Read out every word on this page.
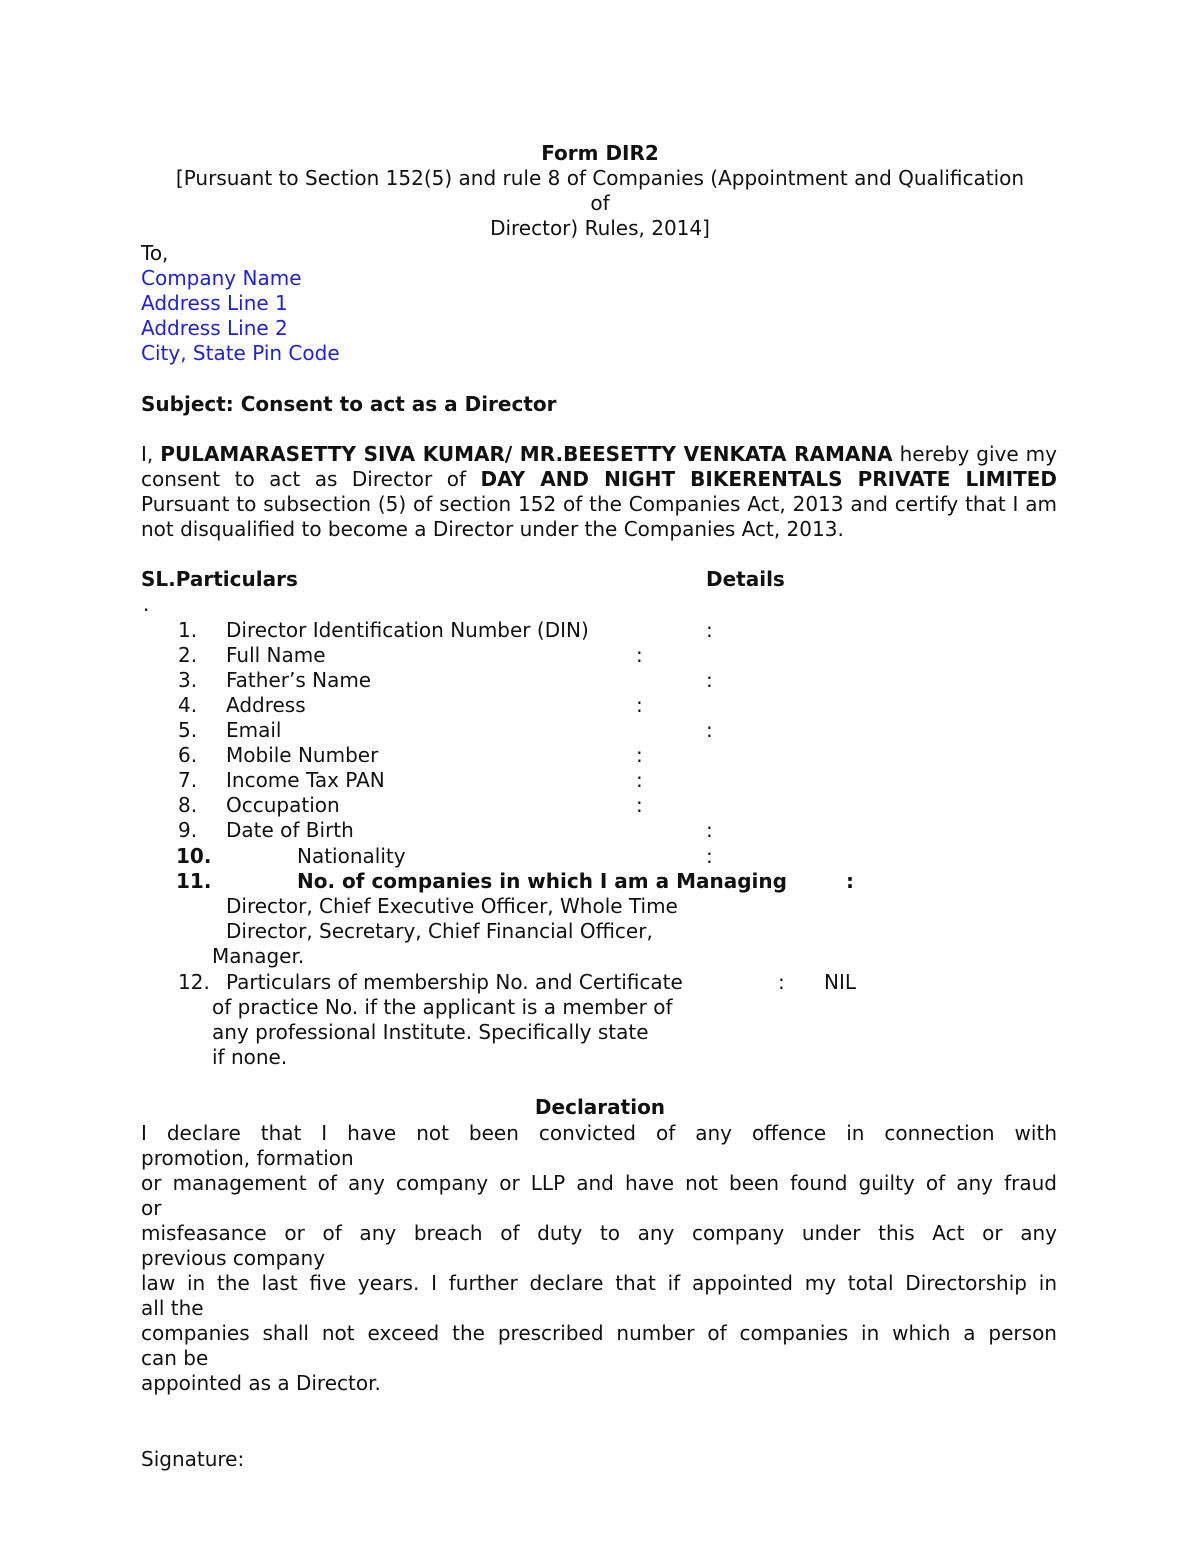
Form DIR2
[Pursuant to Section 152(5) and rule 8 of Companies (Appointment and Qualification
of
Director) Rules, 2014]
To,
Company Name
Address Line 1
Address Line 2
City, State Pin Code
Subject: Consent to act as a Director
I, PULAMARASETTY SIVA KUMAR/ MR.BEESETTY VENKATA RAMANA hereby give my consent to act as Director of DAY AND NIGHT BIKERENTALS PRIVATE LIMITED Pursuant to subsection (5) of section 152 of the Companies Act, 2013 and certify that I am not disqualified to become a Director under the Companies Act, 2013.
SL.Particulars	Details
.
1. Director Identification Number (DIN)	:
2. Full Name	:
3. Father’s Name	:
4. Address	:
5. Email	:
6. Mobile Number	:
7. Income Tax PAN	:
8. Occupation	:
9. Date of Birth	:
10.	Nationality	:
11.	No. of companies in which I am a Managing	:
Director, Chief Executive Officer, Whole Time
Director, Secretary, Chief Financial Officer,
Manager.
12. Particulars of membership No. and Certificate	: NIL
of practice No. if the applicant is a member of
any professional Institute. Specifically state
if none.
Declaration
I declare that I have not been convicted of any offence in connection with
promotion, formation
or management of any company or LLP and have not been found guilty of any fraud
or
misfeasance or of any breach of duty to any company under this Act or any
previous company
law in the last five years. I further declare that if appointed my total Directorship in
all the
companies shall not exceed the prescribed number of companies in which a person
can be
appointed as a Director.
Signature:
